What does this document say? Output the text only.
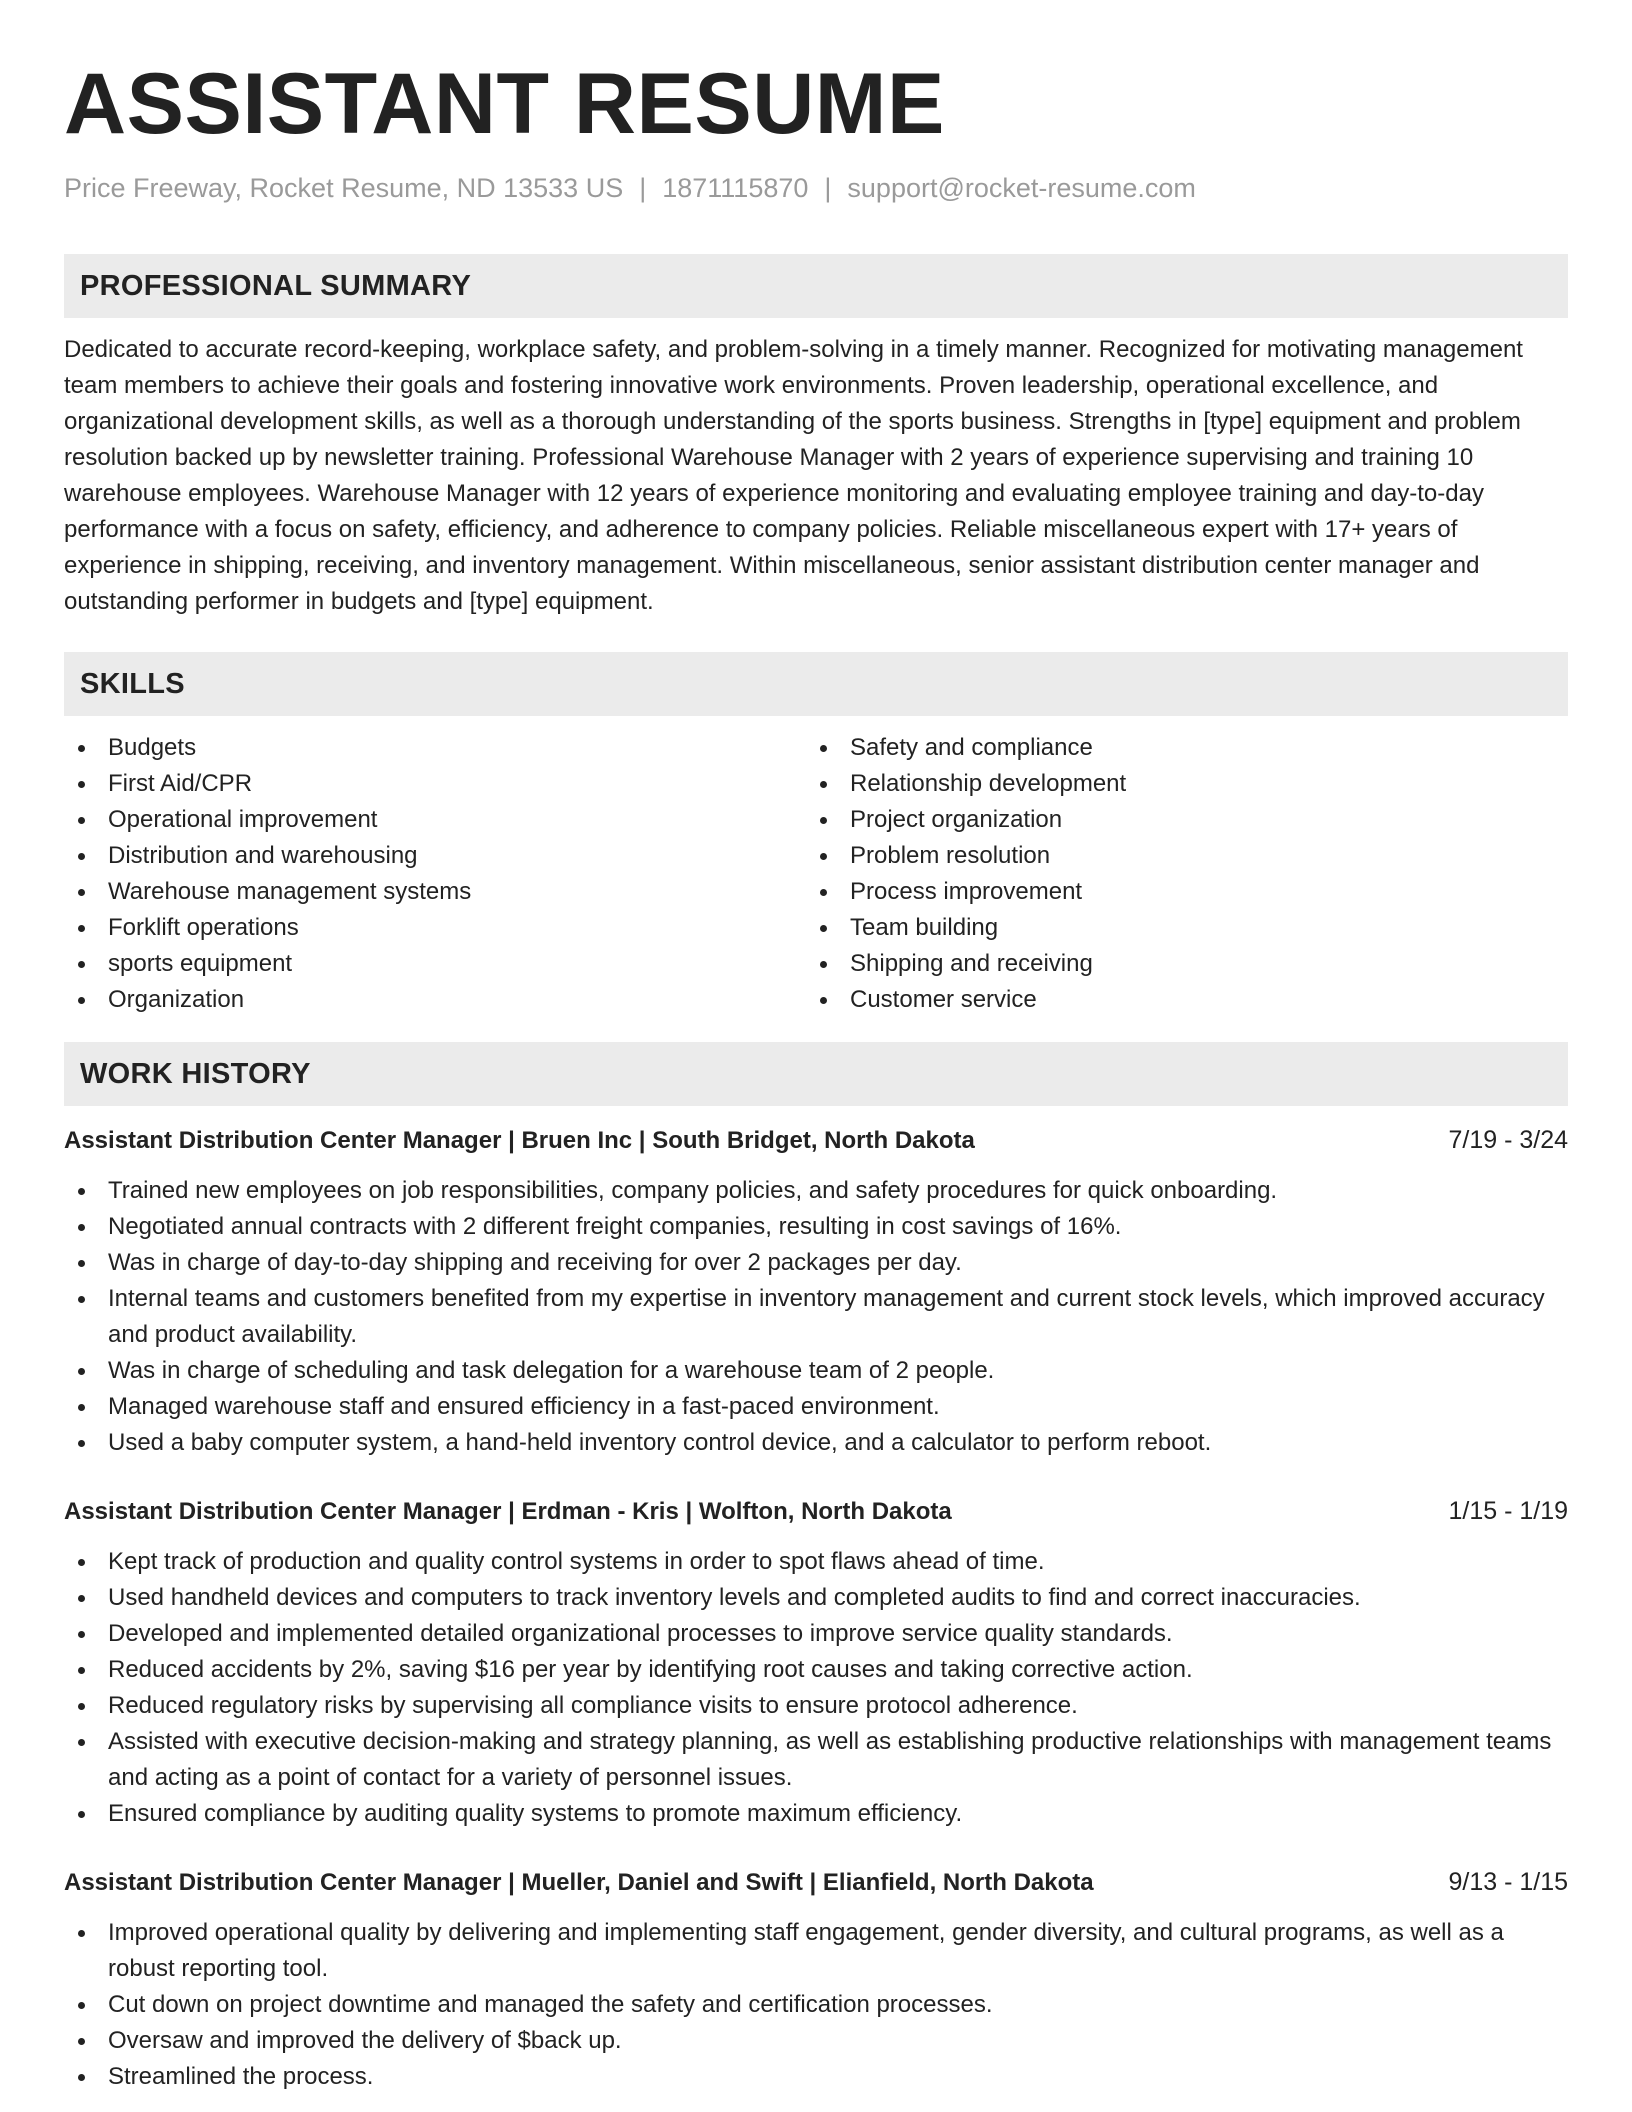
ASSISTANT RESUME
Price Freeway, Rocket Resume, ND 13533 US | 1871115870 | support@rocket-resume.com
PROFESSIONAL SUMMARY

Dedicated to accurate record-keeping, workplace safety, and problem-solving in a timely manner. Recognized for motivating management team members to achieve their goals and fostering innovative work environments. Proven leadership, operational excellence, and organizational development skills, as well as a thorough understanding of the sports business. Strengths in [type] equipment and problem resolution backed up by newsletter training. Professional Warehouse Manager with 2 years of experience supervising and training 10 warehouse employees. Warehouse Manager with 12 years of experience monitoring and evaluating employee training and day-to-day performance with a focus on safety, efficiency, and adherence to company policies. Reliable miscellaneous expert with 17+ years of experience in shipping, receiving, and inventory management. Within miscellaneous, senior assistant distribution center manager and outstanding performer in budgets and [type] equipment.

SKILLS
Budgets
First Aid/CPR
Operational improvement
Distribution and warehousing
Warehouse management systems
Forklift operations
sports equipment
Organization
Safety and compliance
Relationship development
Project organization
Problem resolution
Process improvement
Team building
Shipping and receiving
Customer service
WORK HISTORY
Assistant Distribution Center Manager | Bruen Inc | South Bridget, North Dakota	7/19 - 3/24
Trained new employees on job responsibilities, company policies, and safety procedures for quick onboarding.
Negotiated annual contracts with 2 different freight companies, resulting in cost savings of 16%.
Was in charge of day-to-day shipping and receiving for over 2 packages per day.
Internal teams and customers benefited from my expertise in inventory management and current stock levels, which improved accuracy and product availability.
Was in charge of scheduling and task delegation for a warehouse team of 2 people.
Managed warehouse staff and ensured efficiency in a fast-paced environment.
Used a baby computer system, a hand-held inventory control device, and a calculator to perform reboot.
Assistant Distribution Center Manager | Erdman - Kris | Wolfton, North Dakota	1/15 - 1/19
Kept track of production and quality control systems in order to spot flaws ahead of time.
Used handheld devices and computers to track inventory levels and completed audits to find and correct inaccuracies.
Developed and implemented detailed organizational processes to improve service quality standards.
Reduced accidents by 2%, saving $16 per year by identifying root causes and taking corrective action.
Reduced regulatory risks by supervising all compliance visits to ensure protocol adherence.
Assisted with executive decision-making and strategy planning, as well as establishing productive relationships with management teams and acting as a point of contact for a variety of personnel issues.
Ensured compliance by auditing quality systems to promote maximum efficiency.
Assistant Distribution Center Manager | Mueller, Daniel and Swift | Elianfield, North Dakota	9/13 - 1/15
Improved operational quality by delivering and implementing staff engagement, gender diversity, and cultural programs, as well as a robust reporting tool.
Cut down on project downtime and managed the safety and certification processes.
Oversaw and improved the delivery of $back up.
Streamlined the process.
